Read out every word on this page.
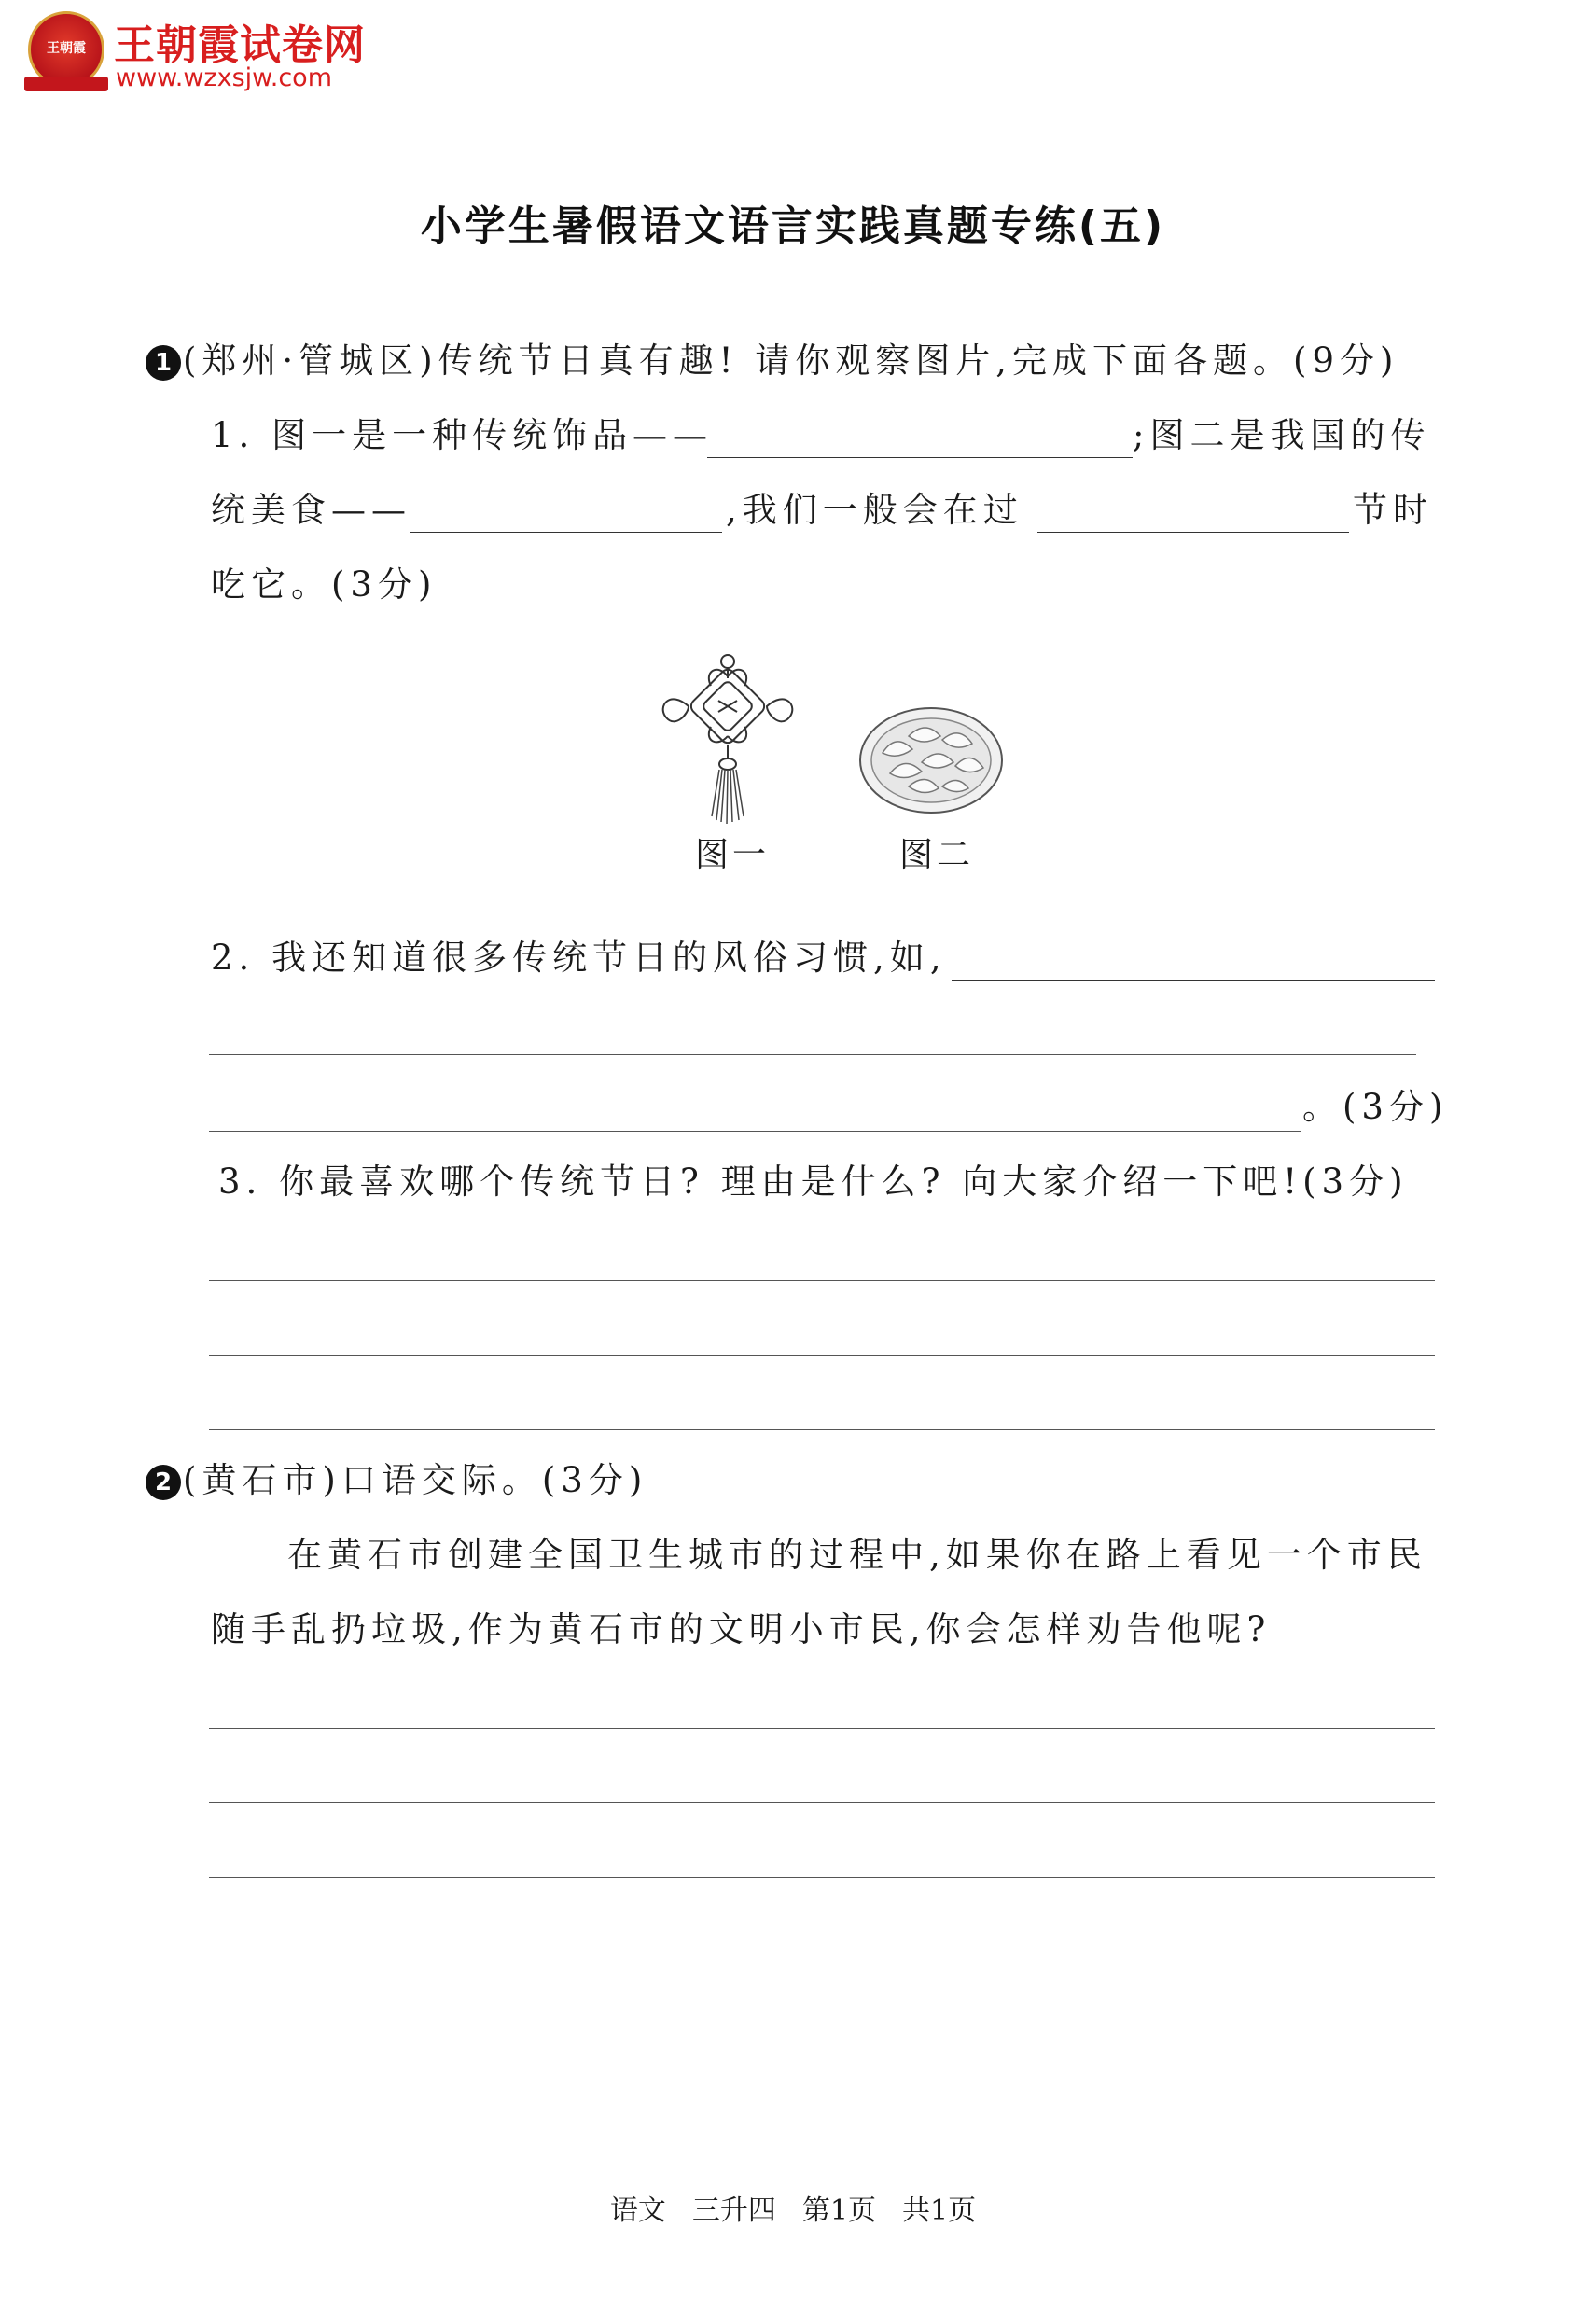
王朝霞 王朝霞试卷网
www.wzxsjw.com
小学生暑假语文语言实践真题专练(五)
1 (郑州·管城区)传统节日真有趣! 请你观察图片,完成下面各题。(9分)
1. 图一是一种传统饰品——	;图二是我国的传
统美食——	,我们一般会在过	节时
吃它。(3分)
图一	图二
2. 我还知道很多传统节日的风俗习惯,如,
。(3分)
3. 你最喜欢哪个传统节日? 理由是什么? 向大家介绍一下吧!(3分)
2 (黄石市)口语交际。(3分)
在黄石市创建全国卫生城市的过程中,如果你在路上看见一个市民
随手乱扔垃圾,作为黄石市的文明小市民,你会怎样劝告他呢?
语文 三升四 第1页 共1页
